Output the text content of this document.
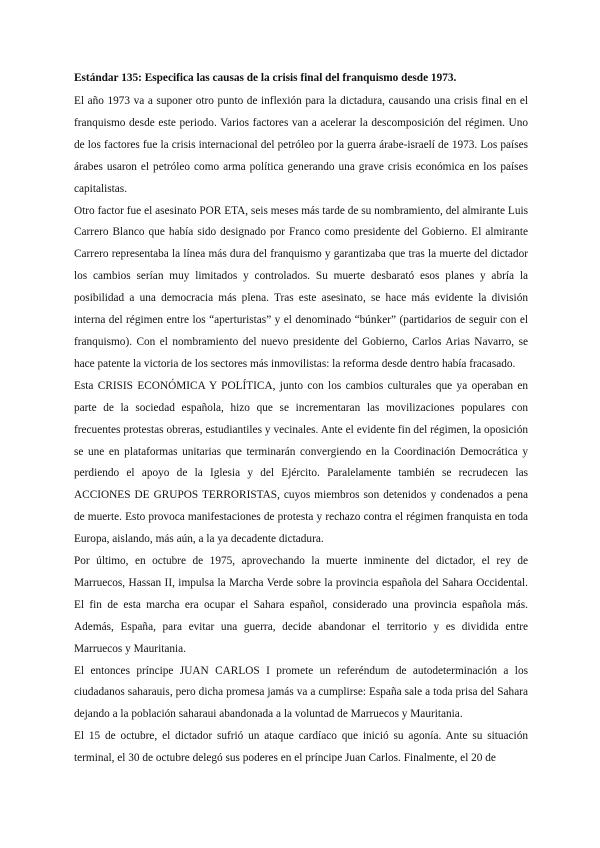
Estándar 135: Especifica las causas de la crisis final del franquismo desde 1973.

El año 1973 va a suponer otro punto de inflexión para la dictadura, causando una crisis final en el franquismo desde este periodo. Varios factores van a acelerar la descomposición del régimen. Uno de los factores fue la crisis internacional del petróleo por la guerra árabe-israelí de 1973. Los países árabes usaron el petróleo como arma política generando una grave crisis económica en los países capitalistas.

Otro factor fue el asesinato POR ETA, seis meses más tarde de su nombramiento, del almirante Luis Carrero Blanco que había sido designado por Franco como presidente del Gobierno. El almirante Carrero representaba la línea más dura del franquismo y garantizaba que tras la muerte del dictador los cambios serían muy limitados y controlados. Su muerte desbarató esos planes y abría la posibilidad a una democracia más plena. Tras este asesinato, se hace más evidente la división interna del régimen entre los “aperturistas” y el denominado “búnker” (partidarios de seguir con el franquismo). Con el nombramiento del nuevo presidente del Gobierno, Carlos Arias Navarro, se hace patente la victoria de los sectores más inmovilistas: la reforma desde dentro había fracasado.

Esta CRISIS ECONÓMICA Y POLÍTICA, junto con los cambios culturales que ya operaban en parte de la sociedad española, hizo que se incrementaran las movilizaciones populares con frecuentes protestas obreras, estudiantiles y vecinales. Ante el evidente fin del régimen, la oposición se une en plataformas unitarias que terminarán convergiendo en la Coordinación Democrática y perdiendo el apoyo de la Iglesia y del Ejército. Paralelamente también se recrudecen las ACCIONES DE GRUPOS TERRORISTAS, cuyos miembros son detenidos y condenados a pena de muerte. Esto provoca manifestaciones de protesta y rechazo contra el régimen franquista en toda Europa, aislando, más aún, a la ya decadente dictadura.

Por último, en octubre de 1975, aprovechando la muerte inminente del dictador, el rey de Marruecos, Hassan II, impulsa la Marcha Verde sobre la provincia española del Sahara Occidental. El fin de esta marcha era ocupar el Sahara español, considerado una provincia española más. Además, España, para evitar una guerra, decide abandonar el territorio y es dividida entre Marruecos y Mauritania.

El entonces príncipe JUAN CARLOS I promete un referéndum de autodeterminación a los ciudadanos saharauis, pero dicha promesa jamás va a cumplirse: España sale a toda prisa del Sahara dejando a la población saharaui abandonada a la voluntad de Marruecos y Mauritania.

El 15 de octubre, el dictador sufrió un ataque cardíaco que inició su agonía. Ante su situación terminal, el 30 de octubre delegó sus poderes en el príncipe Juan Carlos. Finalmente, el 20 de
